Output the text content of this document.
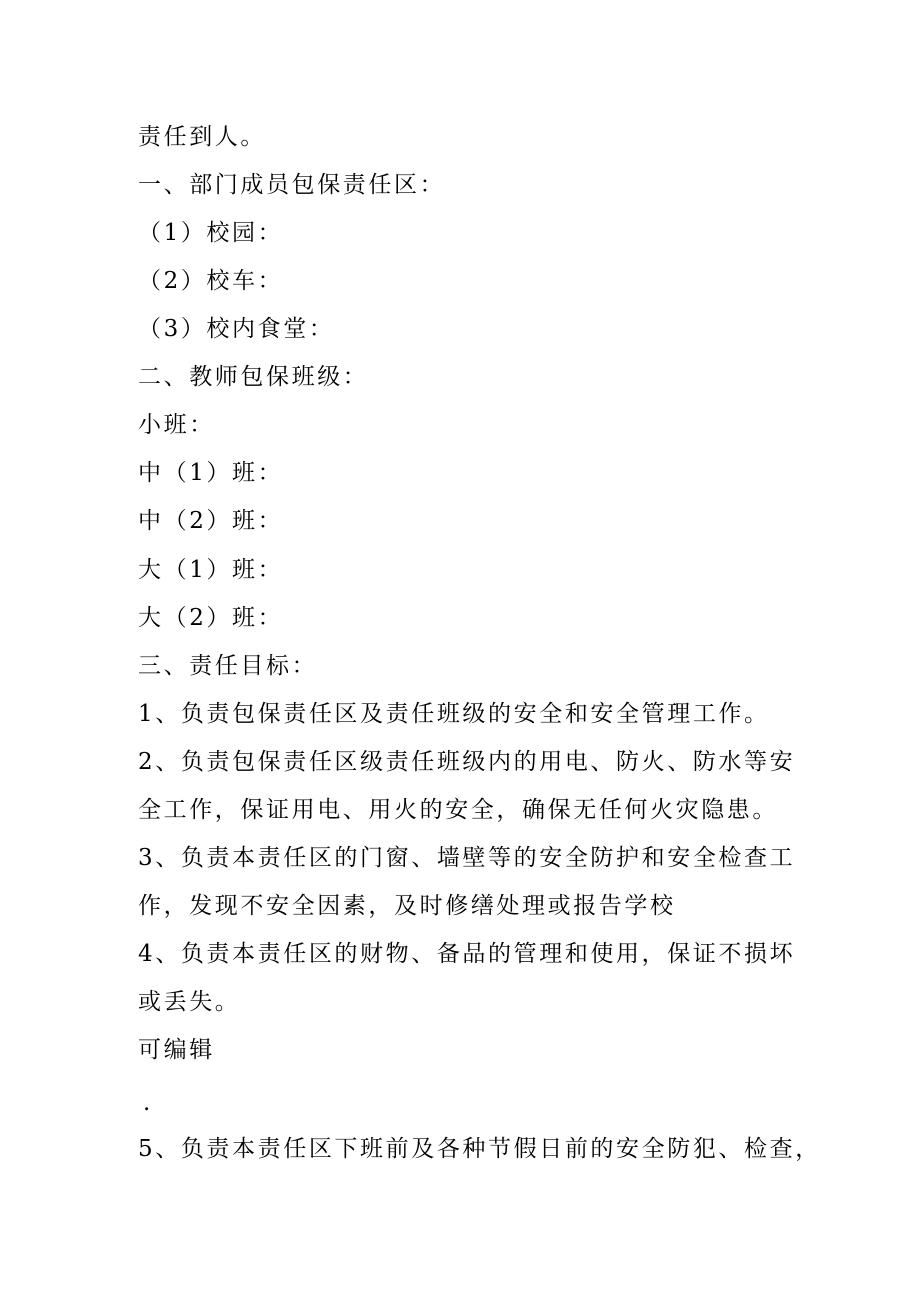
责任到人。
一、部门成员包保责任区：
（1）校园：
（2）校车：
（3）校内食堂：
二、教师包保班级：
小班：
中（1）班：
中（2）班：
大（1）班：
大（2）班：
三、责任目标：
1、负责包保责任区及责任班级的安全和安全管理工作。
2、负责包保责任区级责任班级内的用电、防火、防水等安
全工作，保证用电、用火的安全，确保无任何火灾隐患。
3、负责本责任区的门窗、墙壁等的安全防护和安全检查工
作，发现不安全因素，及时修缮处理或报告学校
4、负责本责任区的财物、备品的管理和使用，保证不损坏
或丢失。
可编辑
.
5、负责本责任区下班前及各种节假日前的安全防犯、检查，
